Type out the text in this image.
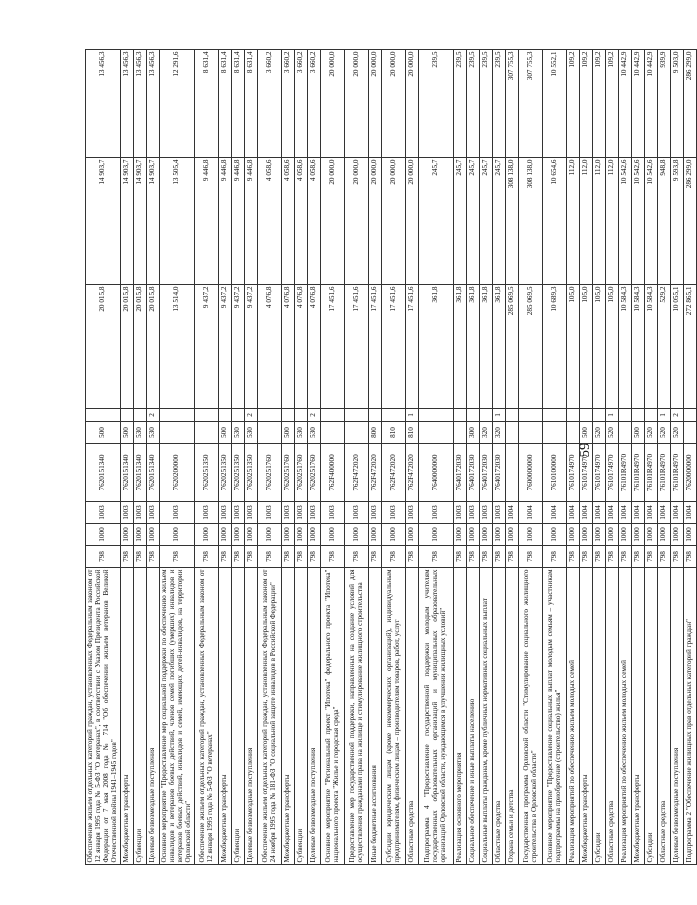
59
Обеспечение жильем отдельных категорий граждан, установленных Федеральным законом от 12 января 1995 года № 5-ФЗ "О ветеранах", в соответствии с Указом Президента Российской Федерации от 7 мая 2008 года № 714 "Об обеспечении жильем ветеранов Великой Отечественной войны 1941–1945 годов"	798	1000	1003	7620151340	500		20 015,8	14 903,7	13 456,3
Межбюджетные трансферты	798	1000	1003	7620151340	500		20 015,8	14 903,7	13 456,3
Субвенции	798	1000	1003	7620151340	530		20 015,8	14 903,7	13 456,3
Целевые безвозмездные поступления	798	1000	1003	7620151340	530	2	20 015,8	14 903,7	13 456,3
Основное мероприятие "Предоставление мер социальной поддержки по обеспечению жильем инвалидов и ветеранов боевых действий, членов семей погибших (умерших) инвалидов и ветеранов боевых действий, инвалидов и семей, имеющих детей-инвалидов, на территории Орловской области"	798	1000	1003	7620200000			13 514,0	13 505,4	12 291,6
Обеспечение жильем отдельных категорий граждан, установленных Федеральным законом от 12 января 1995 года № 5-ФЗ "О ветеранах"	798	1000	1003	7620251350			9 437,2	9 446,8	8 631,4
Межбюджетные трансферты	798	1000	1003	7620251350	500		9 437,2	9 446,8	8 631,4
Субвенции	798	1000	1003	7620251350	530		9 437,2	9 446,8	8 631,4
Целевые безвозмездные поступления	798	1000	1003	7620251350	530	2	9 437,2	9 446,8	8 631,4
Обеспечение жильем отдельных категорий граждан, установленных Федеральным законом от 24 ноября 1995 года № 181-ФЗ "О социальной защите инвалидов в Российской Федерации"	798	1000	1003	7620251760			4 076,8	4 058,6	3 660,2
Межбюджетные трансферты	798	1000	1003	7620251760	500		4 076,8	4 058,6	3 660,2
Субвенции	798	1000	1003	7620251760	530		4 076,8	4 058,6	3 660,2
Целевые безвозмездные поступления	798	1000	1003	7620251760	530	2	4 076,8	4 058,6	3 660,2
Основное мероприятие "Региональный проект "Ипотека" федерального проекта "Ипотека" национального проекта "Жилье и городская среда"	798	1000	1003	762F400000			17 451,6	20 000,0	20 000,0
Предоставление мер государственной поддержки, направленных на создание условий для осуществления гражданами права на жилище и стимулирование жилищного строительства	798	1000	1003	762F472020			17 451,6	20 000,0	20 000,0
Иные бюджетные ассигнования	798	1000	1003	762F472020	800		17 451,6	20 000,0	20 000,0
Субсидии юридическим лицам (кроме некоммерческих организаций), индивидуальным предпринимателям, физическим лицам – производителям товаров, работ, услуг	798	1000	1003	762F472020	810		17 451,6	20 000,0	20 000,0
Областные средства	798	1000	1003	762F472020	810	1	17 451,6	20 000,0	20 000,0
Подпрограмма 4 "Предоставление государственной поддержки молодым учителям государственных образовательных организаций и муниципальных образовательных организаций Орловской области, нуждающимся в улучшении жилищных условий"	798	1000	1003	7640000000			361,8	245,7	239,5
Реализация основного мероприятия	798	1000	1003	7640172030			361,8	245,7	239,5
Социальное обеспечение и иные выплаты населению	798	1000	1003	7640172030	300		361,8	245,7	239,5
Социальные выплаты гражданам, кроме публичных нормативных социальных выплат	798	1000	1003	7640172030	320		361,8	245,7	239,5
Областные средства	798	1000	1003	7640172030	320	1	361,8	245,7	239,5
Охрана семьи и детства	798	1000	1004				285 069,5	308 138,0	307 755,3
Государственная программа Орловской области "Стимулирование социального жилищного строительства в Орловской области"	798	1000	1004	7600000000			285 069,5	308 138,0	307 755,3
Основное мероприятие "Предоставление социальных выплат молодым семьям – участникам подпрограммы на приобретение (строительство) жилья"	798	1000	1004	7610100000			10 689,3	10 654,6	10 552,1
Реализация мероприятий по обеспечению жильем молодых семей	798	1000	1004	7610174970			105,0	112,0	109,2
Межбюджетные трансферты	798	1000	1004	7610174970	500		105,0	112,0	109,2
Субсидии	798	1000	1004	7610174970	520		105,0	112,0	109,2
Областные средства	798	1000	1004	7610174970	520	1	105,0	112,0	109,2
Реализация мероприятий по обеспечению жильем молодых семей	798	1000	1004	76101R4970			10 584,3	10 542,6	10 442,9
Межбюджетные трансферты	798	1000	1004	76101R4970	500		10 584,3	10 542,6	10 442,9
Субсидии	798	1000	1004	76101R4970	520		10 584,3	10 542,6	10 442,9
Областные средства	798	1000	1004	76101R4970	520	1	529,2	948,8	939,9
Целевые безвозмездные поступления	798	1000	1004	76101R4970	520	2	10 055,1	9 593,8	9 503,0
Подпрограмма 2 "Обеспечение жилищных прав отдельных категорий граждан"	798	1000	1004	7620000000			272 865,1	286 299,0	286 299,0
